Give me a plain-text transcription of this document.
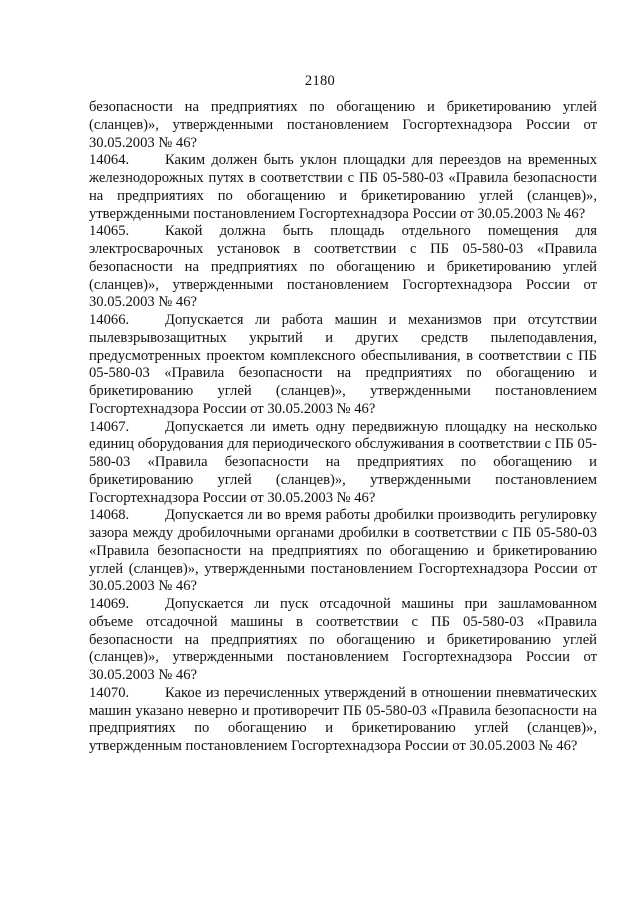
2180

безопасности на предприятиях по обогащению и брикетированию углей (сланцев)», утвержденными постановлением Госгортехнадзора России от 30.05.2003 № 46?

14064. Каким должен быть уклон площадки для переездов на временных железнодорожных путях в соответствии с ПБ 05-580-03 «Правила безопасности на предприятиях по обогащению и брикетированию углей (сланцев)», утвержденными постановлением Госгортехнадзора России от 30.05.2003 № 46?

14065. Какой должна быть площадь отдельного помещения для электросварочных установок в соответствии с ПБ 05-580-03 «Правила безопасности на предприятиях по обогащению и брикетированию углей (сланцев)», утвержденными постановлением Госгортехнадзора России от 30.05.2003 № 46?

14066. Допускается ли работа машин и механизмов при отсутствии пылевзрывозащитных укрытий и других средств пылеподавления, предусмотренных проектом комплексного обеспыливания, в соответствии с ПБ 05-580-03 «Правила безопасности на предприятиях по обогащению и брикетированию углей (сланцев)», утвержденными постановлением Госгортехнадзора России от 30.05.2003 № 46?

14067. Допускается ли иметь одну передвижную площадку на несколько единиц оборудования для периодического обслуживания в соответствии с ПБ 05-580-03 «Правила безопасности на предприятиях по обогащению и брикетированию углей (сланцев)», утвержденными постановлением Госгортехнадзора России от 30.05.2003 № 46?

14068. Допускается ли во время работы дробилки производить регулировку зазора между дробилочными органами дробилки в соответствии с ПБ 05-580-03 «Правила безопасности на предприятиях по обогащению и брикетированию углей (сланцев)», утвержденными постановлением Госгортехнадзора России от 30.05.2003 № 46?

14069. Допускается ли пуск отсадочной машины при зашламованном объеме отсадочной машины в соответствии с ПБ 05-580-03 «Правила безопасности на предприятиях по обогащению и брикетированию углей (сланцев)», утвержденными постановлением Госгортехнадзора России от 30.05.2003 № 46?

14070. Какое из перечисленных утверждений в отношении пневматических машин указано неверно и противоречит ПБ 05-580-03 «Правила безопасности на предприятиях по обогащению и брикетированию углей (сланцев)», утвержденным постановлением Госгортехнадзора России от 30.05.2003 № 46?
